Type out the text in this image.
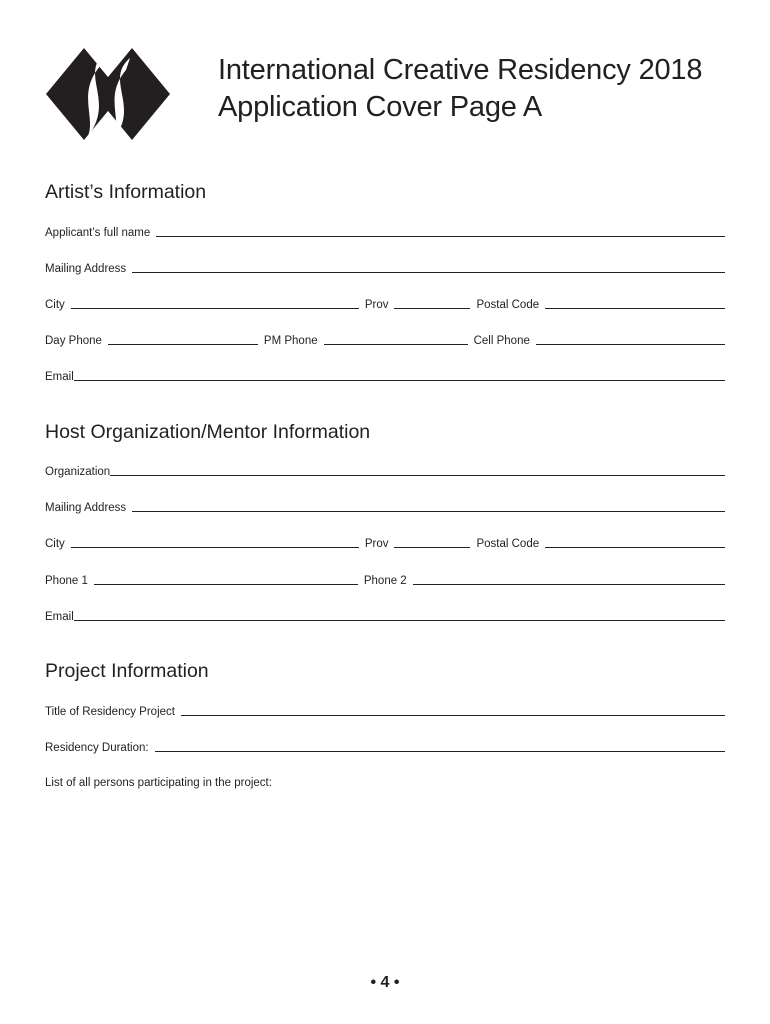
International Creative Residency 2018
Application Cover Page A
Artist’s Information
Applicant’s full name
Mailing Address
City	Prov	Postal Code
Day Phone	PM Phone	Cell Phone
Email
Host Organization/Mentor Information
Organization
Mailing Address
City	Prov	Postal Code
Phone 1	Phone 2
Email
Project Information
Title of Residency Project
Residency Duration:
List of all persons participating in the project:
• 4 •
